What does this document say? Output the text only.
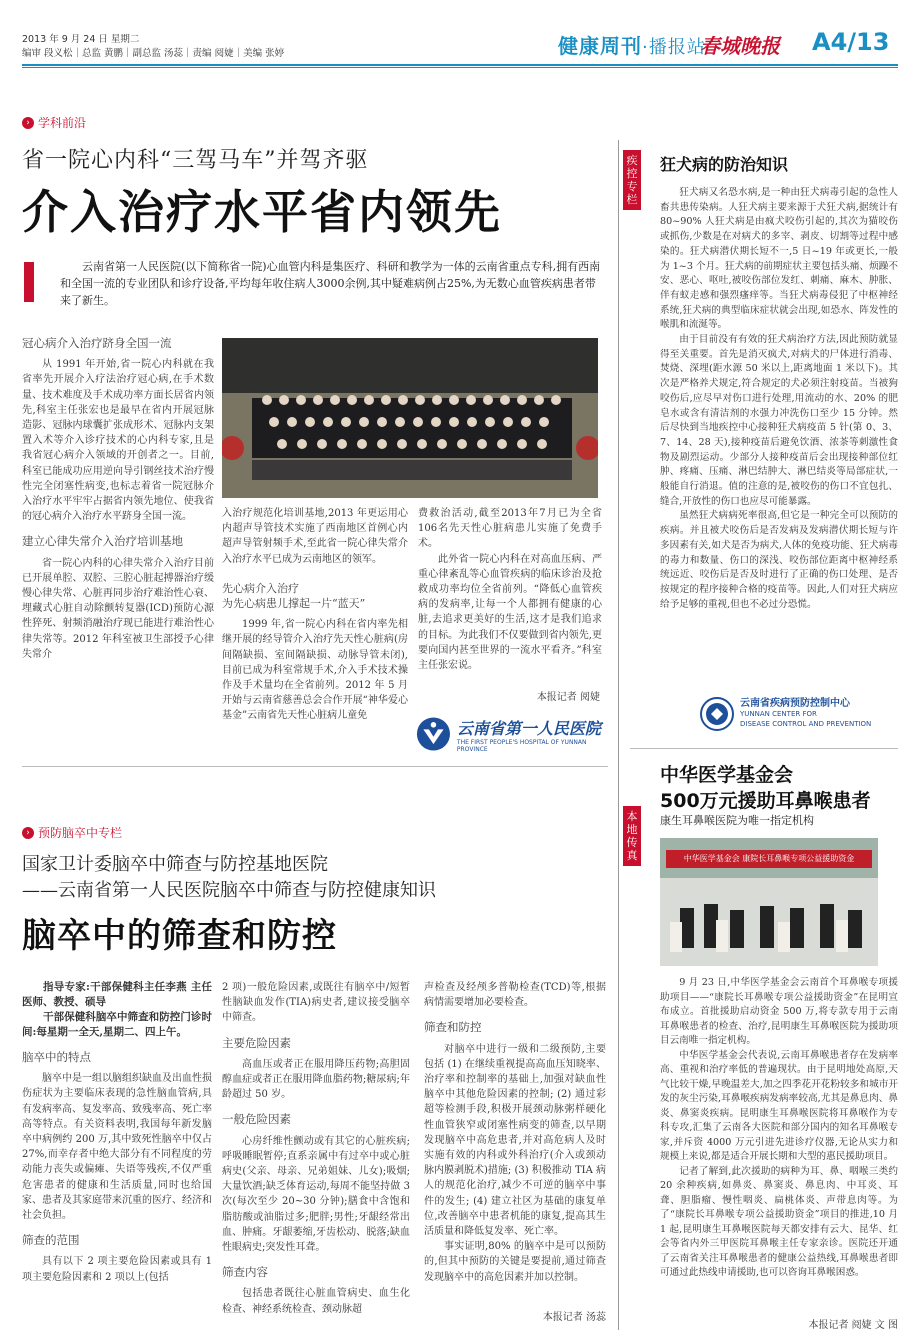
2013 年 9 月 24 日 星期二
编审 段义松｜总监 黄鹏｜副总监 汤蕊｜责编 阅婕｜美编 张婷	健康周刊·播报站
春城晚报 A4/13
› 学科前沿
省一院心内科“三驾马车”并驾齐驱
介入治疗水平省内领先
云南省第一人民医院(以下简称省一院)心血管内科是集医疗、科研和教学为一体的云南省重点专科,拥有西南和全国一流的专业团队和诊疗设备,平均每年收住病人3000余例,其中疑难病例占25%,为无数心血管疾病患者带来了新生。
冠心病介入治疗跻身全国一流

从 1991 年开始,省一院心内科就在我省率先开展介入疗法治疗冠心病,在手术数量、技术难度及手术成功率方面长居省内领先,科室主任张宏也是最早在省内开展冠脉造影、冠脉内球囊扩张成形术、冠脉内支架置入术等介入诊疗技术的心内科专家,且是我省冠心病介入领域的开创者之一。目前,科室已能成功应用逆向导引钢丝技术治疗慢性完全闭塞性病变,也标志着省一院冠脉介入治疗水平牢牢占据省内领先地位、使我省的冠心病介入治疗水平跻身全国一流。

建立心律失常介入治疗培训基地

省一院心内科的心律失常介入治疗目前已开展单腔、双腔、三腔心脏起搏器治疗缓慢心律失常、心脏再同步治疗难治性心衰、埋藏式心脏自动除颤转复器(ICD)预防心源性猝死、射频消融治疗现已能进行难治性心律失常等。2012 年科室被卫生部授予心律失常介

入治疗规范化培训基地,2013 年更运用心内超声导管技术实施了西南地区首例心内超声导管射频手术,至此省一院心律失常介入治疗水平已成为云南地区的领军。
先心病介入治疗
为先心病患儿撑起一片“蓝天”

1999 年,省一院心内科在省内率先相继开展的经导管介入治疗先天性心脏病(房间隔缺损、室间隔缺损、动脉导管未闭),目前已成为科室常规手术,介入手术技术操作及手术量均在全省前列。2012 年 5 月开始与云南省慈善总会合作开展“神华爱心基金”云南省先天性心脏病儿童免

费救治活动,截至2013年7月已为全省106名先天性心脏病患儿实施了免费手术。

此外省一院心内科在对高血压病、严重心律紊乱等心血管疾病的临床诊治及抢救成功率均位全省前列。“降低心血管疾病的发病率,让每一个人都拥有健康的心脏,去追求更美好的生活,这才是我们追求的目标。为此我们不仅要做到省内领先,更要向国内甚至世界的一流水平看齐。”科室主任张宏说。

本报记者 阅婕
云南省第一人民医院
THE FIRST PEOPLE'S HOSPITAL OF YUNNAN PROVINCE
› 预防脑卒中专栏
国家卫计委脑卒中筛查与防控基地医院
——云南省第一人民医院脑卒中筛查与防控健康知识
脑卒中的筛查和防控
指导专家:干部保健科主任李燕 主任医师、教授、硕导
干部保健科脑卒中筛查和防控门诊时间:每星期一全天,星期二、四上午。
脑卒中的特点

脑卒中是一组以脑组织缺血及出血性损伤症状为主要临床表现的急性脑血管病,具有发病率高、复发率高、致残率高、死亡率高等特点。有关资料表明,我国每年新发脑卒中病例约 200 万,其中致死性脑卒中仅占 27%,而幸存者中绝大部分有不同程度的劳动能力丧失或偏瘫、失语等残疾,不仅严重危害患者的健康和生活质量,同时也给国家、患者及其家庭带来沉重的医疗、经济和社会负担。

筛查的范围

具有以下 2 项主要危险因素或具有 1 项主要危险因素和 2 项以上(包括

2 项)一般危险因素,或既往有脑卒中/短暂性脑缺血发作(TIA)病史者,建议接受脑卒中筛查。
主要危险因素

高血压或者正在服用降压药物;高胆固醇血症或者正在服用降血脂药物;糖尿病;年龄超过 50 岁。

一般危险因素

心房纤维性颤动或有其它的心脏疾病;呼吸睡眠暂停;直系亲属中有过卒中或心脏病史(父亲、母亲、兄弟姐妹、儿女);吸烟;大量饮酒;缺乏体育运动,每周不能坚持做 3 次(每次至少 20~30 分钟);膳食中含饱和脂肪酸或油脂过多;肥胖;男性;牙龈经常出血、肿痛。牙龈萎缩,牙齿松动、脱落;缺血性眼病史;突发性耳聋。

筛查内容

包括患者既往心脏血管病史、血生化检查、神经系统检查、颈动脉超

声检查及经颅多普勒检查(TCD)等,根据病情需要增加必要检查。
筛查和防控

对脑卒中进行一级和二级预防,主要包括 (1) 在继续重视提高高血压知晓率、治疗率和控制率的基础上,加强对缺血性脑卒中其他危险因素的控制; (2) 通过彩超等检测手段,积极开展颈动脉粥样硬化性血管狭窄或闭塞性病变的筛查,以早期发现脑卒中高危患者,并对高危病人及时实施有效的内科或外科治疗(介入或颈动脉内膜剥脱术)措施; (3) 积极推动 TIA 病人的规范化治疗,减少不可逆的脑卒中事件的发生; (4) 建立社区为基础的康复单位,改善脑卒中患者机能的康复,提高其生活质量和降低复发率、死亡率。

事实证明,80% 的脑卒中是可以预防的,但其中预防的关键是要提前,通过筛查发现脑卒中的高危因素并加以控制。

本报记者 汤蕊
疾控专栏
狂犬病的防治知识

狂犬病又名恐水病,是一种由狂犬病毒引起的急性人畜共患传染病。人狂犬病主要来源于犬狂犬病,据统计有 80~90% 人狂犬病是由疯犬咬伤引起的,其次为猫咬伤或抓伤,少数是在对病犬的多宰、剥皮、切割等过程中感染的。狂犬病潜伏期长短不一,5 日~19 年或更长,一般为 1~3 个月。狂犬病的前期症状主要包括头痛、烦躁不安、恶心、呕吐,被咬伤部位发红、刺痛、麻木、肿胀、伴有蚁走感和强烈瘙痒等。当狂犬病毒侵犯了中枢神经系统,狂犬病的典型临床症状就会出现,如恐水、阵发性的喉肌和流涎等。

由于目前没有有效的狂犬病治疗方法,因此预防就显得至关重要。首先是消灭疯犬,对病犬的尸体进行消毒、焚烧、深埋(距水源 50 米以上,距离地面 1 米以下)。其次是严格养犬规定,符合规定的犬必须注射疫苗。当被狗咬伤后,应尽早对伤口进行处理,用流动的水、20% 的肥皂水或含有清洁剂的水强力冲洗伤口至少 15 分钟。然后尽快到当地疾控中心接种狂犬病疫苗 5 针(第 0、3、7、14、28 天),接种疫苗后避免饮酒、浓茶等刺激性食物及剧烈运动。少部分人接种疫苗后会出现接种部位红肿、疼痛、压痛、淋巴结肿大、淋巴结炎等局部症状,一般能自行消退。值的注意的是,被咬伤的伤口不宜包扎、缝合,开放性的伤口也应尽可能暴露。

虽然狂犬病病死率很高,但它是一种完全可以预防的疾病。并且被犬咬伤后是否发病及发病潜伏期长短与许多因素有关,如犬是否为病犬,人体的免疫功能、狂犬病毒的毒力和数量、伤口的深浅、咬伤部位距离中枢神经系统远近、咬伤后是否及时进行了正确的伤口处理、是否按规定的程序接种合格的疫苗等。因此,人们对狂犬病应给予足够的重视,但也不必过分恐慌。

云南省疾病预防控制中心
YUNNAN CENTER FOR
DISEASE CONTROL AND PREVENTION
中华医学基金会
500万元援助耳鼻喉患者
康生耳鼻喉医院为唯一指定机构
本地传真	中华医学基金会 康院长耳鼻喉专项公益援助资金

9 月 23 日,中华医学基金会云南首个耳鼻喉专项援助项目——“康院长耳鼻喉专项公益援助资金”在昆明宣布成立。首批援助启动资金 500 万,将专款专用于云南耳鼻喉患者的检查、治疗,昆明康生耳鼻喉医院为援助项目云南唯一指定机构。

中华医学基金会代表说,云南耳鼻喉患者存在发病率高、重视和治疗率低的普遍现状。由于昆明地处高原,天气比较干燥,早晚温差大,加之四季花开花粉较多和城市开发的灰尘污染,耳鼻喉疾病发病率较高,尤其是鼻息肉、鼻炎、鼻窦炎疾病。昆明康生耳鼻喉医院将耳鼻喉作为专科专攻,汇集了云南各大医院和部分国内的知名耳鼻喉专家,并斥资 4000 万元引进先进诊疗仪器,无论从实力和规模上来说,都是适合开展长期和大型的惠民援助项目。

记者了解到,此次援助的病种为耳、鼻、咽喉三类约 20 余种疾病,如鼻炎、鼻窦炎、鼻息肉、中耳炎、耳聋、胆脂瘤、慢性咽炎、扁桃体炎、声带息肉等。为了“康院长耳鼻喉专项公益援助资金”项目的推进,10 月 1 起,昆明康生耳鼻喉医院每天都安排有云大、昆华、红会等省内外三甲医院耳鼻喉主任专家亲诊。医院还开通了云南省关注耳鼻喉患者的健康公益热线,耳鼻喉患者即可通过此热线申请援助,也可以咨询耳鼻喉困惑。

本报记者 阅婕 文 图
